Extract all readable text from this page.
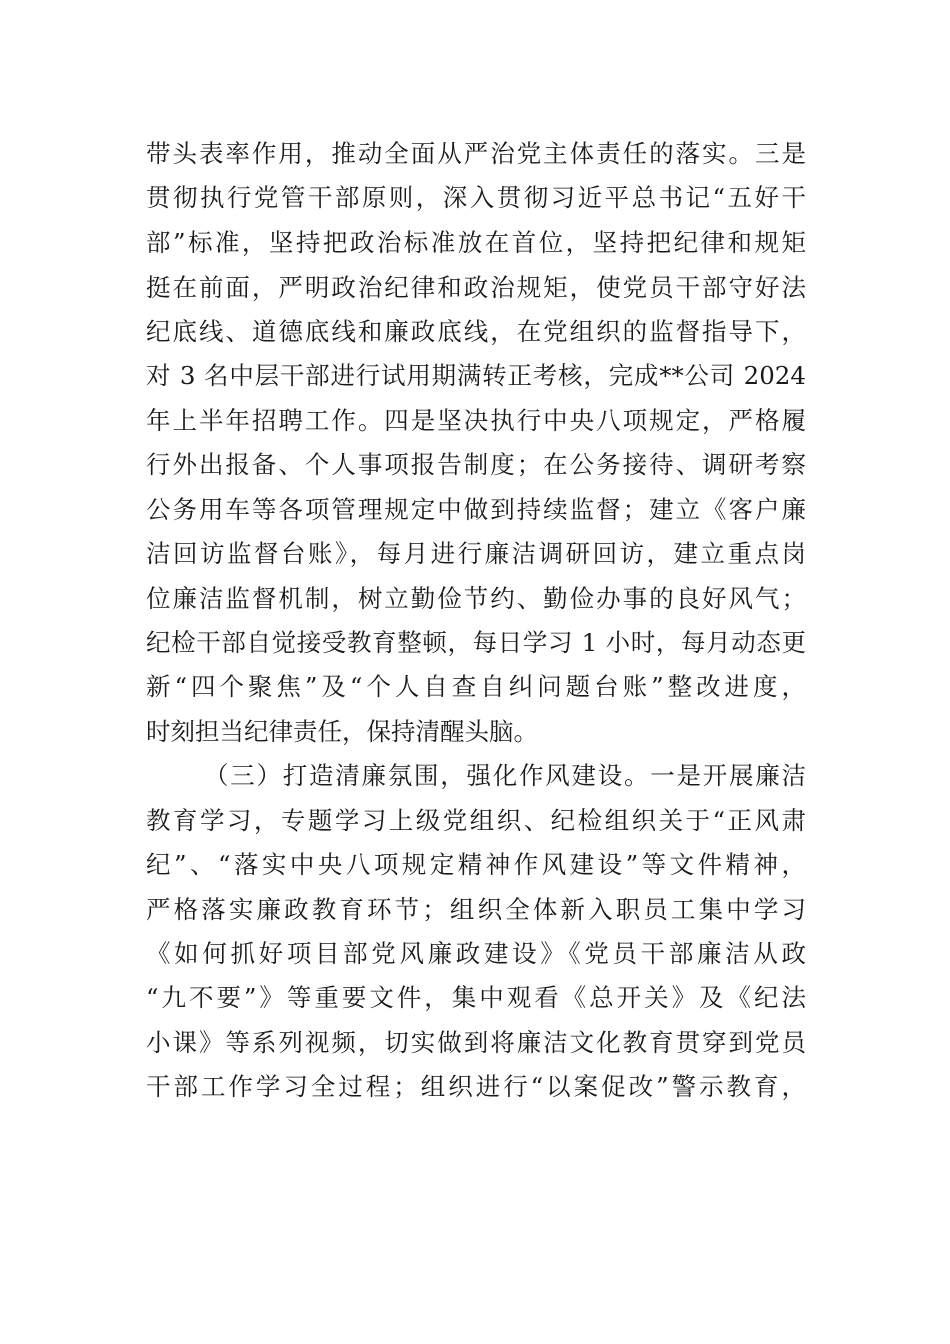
带头表率作用，推动全面从严治党主体责任的落实。三是
贯彻执行党管干部原则，深入贯彻习近平总书记“五好干
部”标准，坚持把政治标准放在首位，坚持把纪律和规矩
挺在前面，严明政治纪律和政治规矩，使党员干部守好法
纪底线、道德底线和廉政底线，在党组织的监督指导下，
对 3 名中层干部进行试用期满转正考核，完成**公司 2024
年上半年招聘工作。四是坚决执行中央八项规定，严格履
行外出报备、个人事项报告制度；在公务接待、调研考察
公务用车等各项管理规定中做到持续监督；建立《客户廉
洁回访监督台账》，每月进行廉洁调研回访，建立重点岗
位廉洁监督机制，树立勤俭节约、勤俭办事的良好风气；
纪检干部自觉接受教育整顿，每日学习 1 小时，每月动态更
新“四个聚焦”及“个人自查自纠问题台账”整改进度，
时刻担当纪律责任，保持清醒头脑。
（三）打造清廉氛围，强化作风建设。一是开展廉洁
教育学习，专题学习上级党组织、纪检组织关于“正风肃
纪”、“落实中央八项规定精神作风建设”等文件精神，
严格落实廉政教育环节；组织全体新入职员工集中学习
《如何抓好项目部党风廉政建设》《党员干部廉洁从政
“九不要”》等重要文件，集中观看《总开关》及《纪法
小课》等系列视频，切实做到将廉洁文化教育贯穿到党员
干部工作学习全过程；组织进行“以案促改”警示教育，
